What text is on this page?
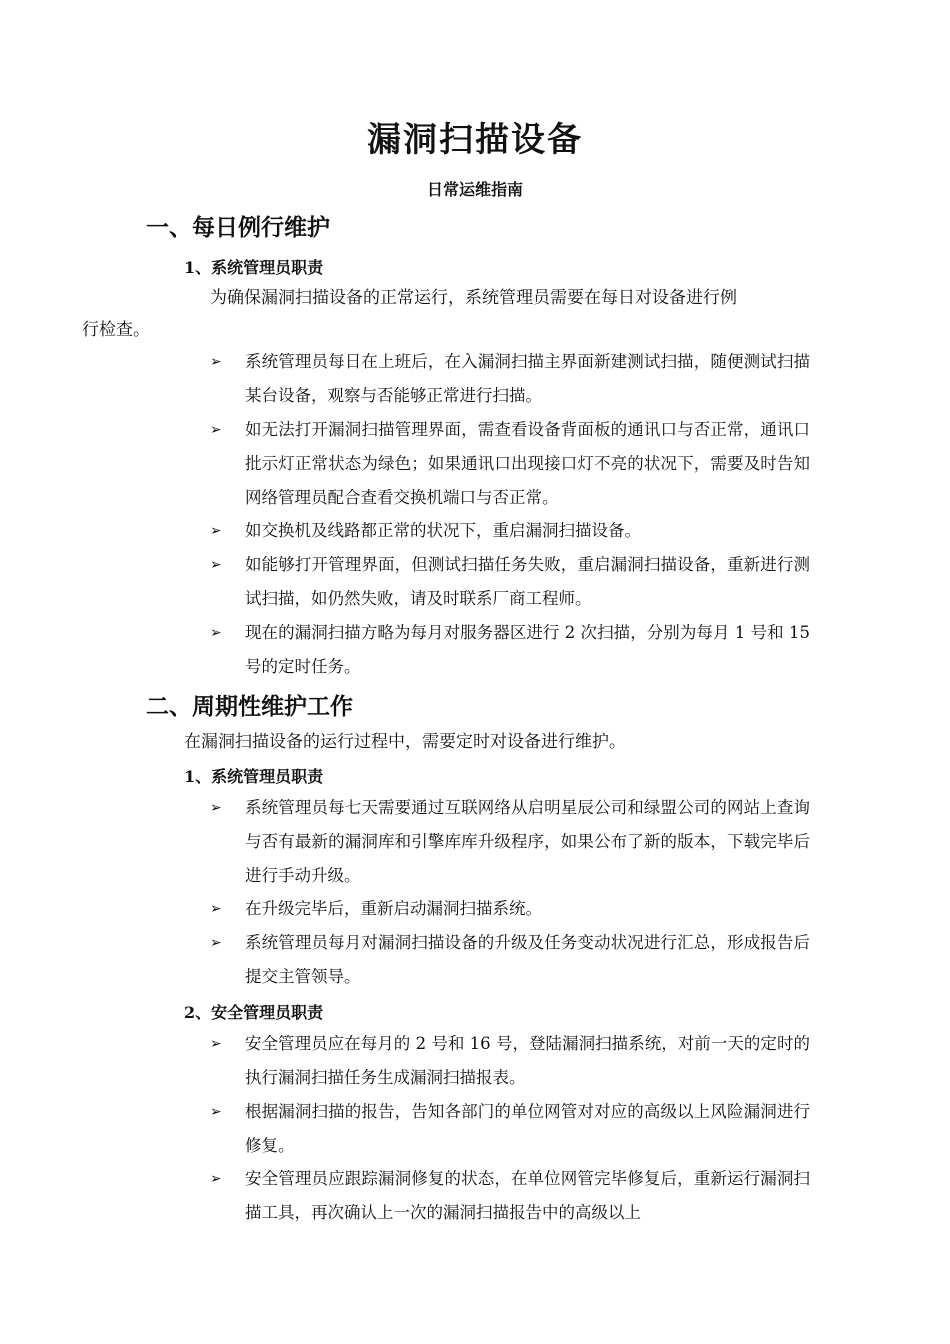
漏洞扫描设备
日常运维指南
一、每日例行维护
1、系统管理员职责
为确保漏洞扫描设备的正常运行，系统管理员需要在每日对设备进行例
行检查。
➢	系统管理员每日在上班后，在入漏洞扫描主界面新建测试扫描，随便测试扫描某台设备，观察与否能够正常进行扫描。
➢	如无法打开漏洞扫描管理界面，需查看设备背面板的通讯口与否正常，通讯口批示灯正常状态为绿色；如果通讯口出现接口灯不亮的状况下，需要及时告知网络管理员配合查看交换机端口与否正常。
➢	如交换机及线路都正常的状况下，重启漏洞扫描设备。
➢	如能够打开管理界面，但测试扫描任务失败，重启漏洞扫描设备，重新进行测试扫描，如仍然失败，请及时联系厂商工程师。
➢	现在的漏洞扫描方略为每月对服务器区进行 2 次扫描，分别为每月 1 号和 15 号的定时任务。
二、周期性维护工作
在漏洞扫描设备的运行过程中，需要定时对设备进行维护。
1、系统管理员职责
➢	系统管理员每七天需要通过互联网络从启明星辰公司和绿盟公司的网站上查询与否有最新的漏洞库和引擎库库升级程序，如果公布了新的版本，下载完毕后进行手动升级。
➢	在升级完毕后，重新启动漏洞扫描系统。
➢	系统管理员每月对漏洞扫描设备的升级及任务变动状况进行汇总，形成报告后提交主管领导。
2、安全管理员职责
➢	安全管理员应在每月的 2 号和 16 号，登陆漏洞扫描系统，对前一天的定时的执行漏洞扫描任务生成漏洞扫描报表。
➢	根据漏洞扫描的报告，告知各部门的单位网管对对应的高级以上风险漏洞进行修复。
➢	安全管理员应跟踪漏洞修复的状态，在单位网管完毕修复后，重新运行漏洞扫描工具，再次确认上一次的漏洞扫描报告中的高级以上
